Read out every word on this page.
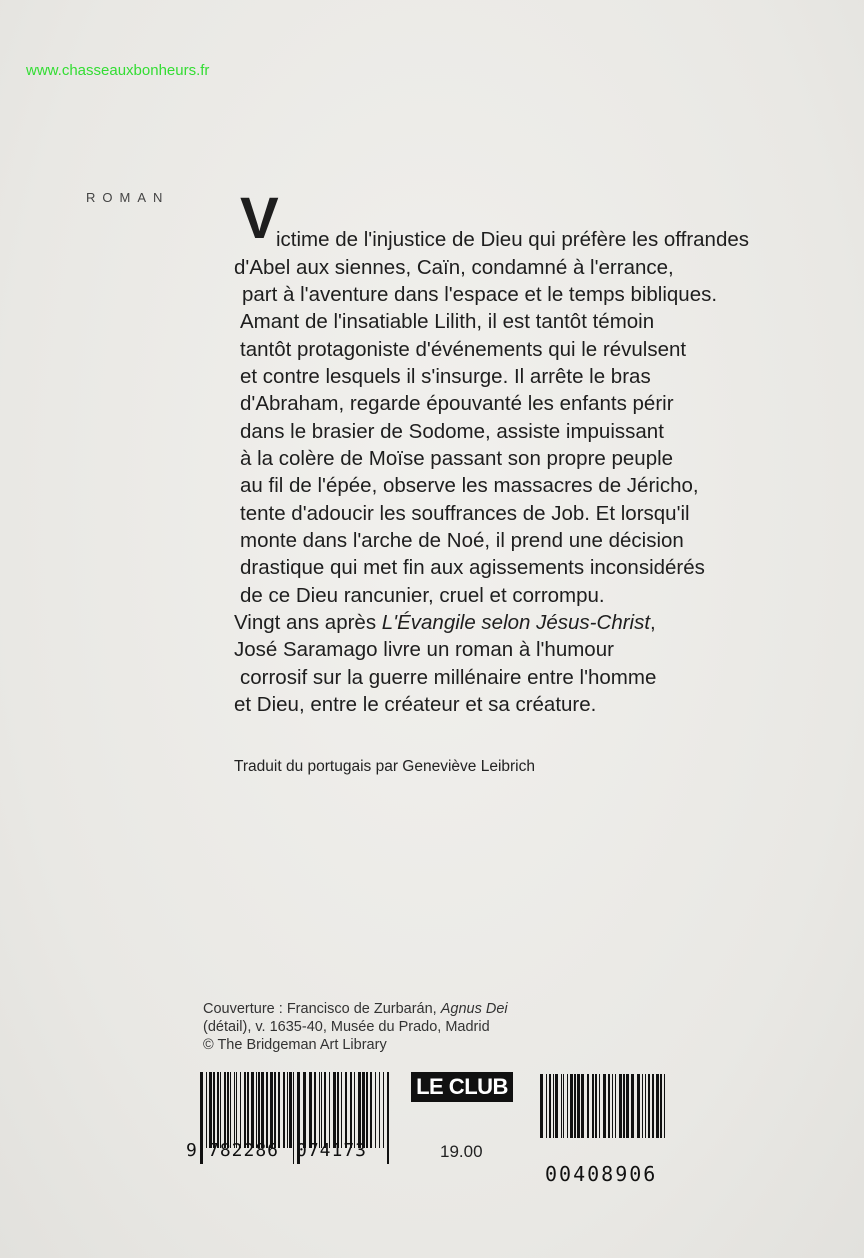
www.chasseauxbonheurs.fr
ROMAN V
ictime de l'injustice de Dieu qui préfère les offrandes
d'Abel aux siennes, Caïn, condamné à l'errance,
part à l'aventure dans l'espace et le temps bibliques.
Amant de l'insatiable Lilith, il est tantôt témoin
tantôt protagoniste d'événements qui le révulsent
et contre lesquels il s'insurge. Il arrête le bras
d'Abraham, regarde épouvanté les enfants périr
dans le brasier de Sodome, assiste impuissant
à la colère de Moïse passant son propre peuple
au fil de l'épée, observe les massacres de Jéricho,
tente d'adoucir les souffrances de Job. Et lorsqu'il
monte dans l'arche de Noé, il prend une décision
drastique qui met fin aux agissements inconsidérés
de ce Dieu rancunier, cruel et corrompu.
Vingt ans après L'Évangile selon Jésus-Christ,
José Saramago livre un roman à l'humour
corrosif sur la guerre millénaire entre l'homme
et Dieu, entre le créateur et sa créature.
Traduit du portugais par Geneviève Leibrich
Couverture : Francisco de Zurbarán, Agnus Dei
(détail), v. 1635-40, Musée du Prado, Madrid
© The Bridgeman Art Library
9 782286 074173
LE CLUB
19.00
00408906
